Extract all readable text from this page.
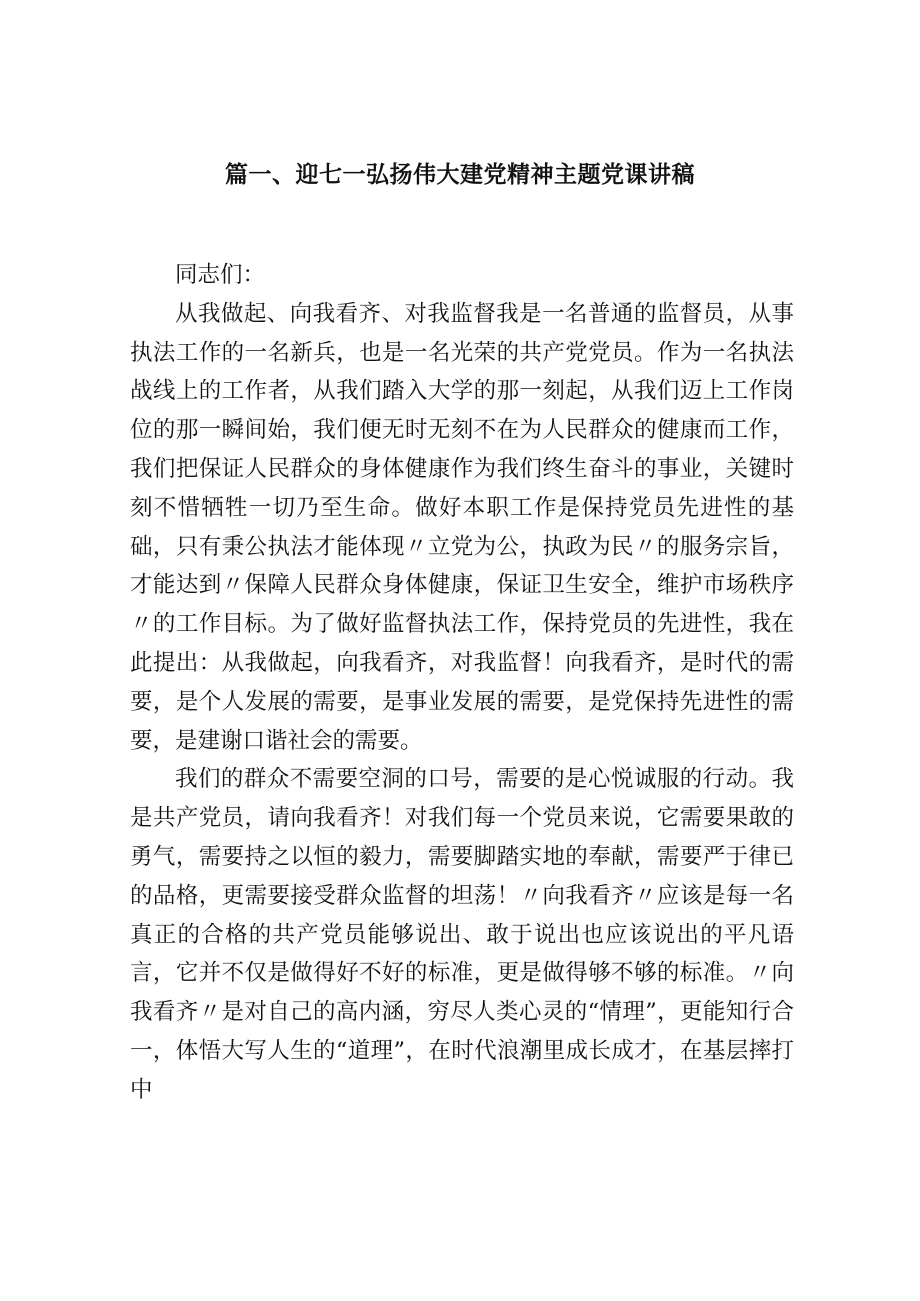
篇一、迎七一弘扬伟大建党精神主题党课讲稿

同志们：

从我做起、向我看齐、对我监督我是一名普通的监督员，从事执法工作的一名新兵，也是一名光荣的共产党党员。作为一名执法战线上的工作者，从我们踏入大学的那一刻起，从我们迈上工作岗位的那一瞬间始，我们便无时无刻不在为人民群众的健康而工作，我们把保证人民群众的身体健康作为我们终生奋斗的事业，关键时刻不惜牺牲一切乃至生命。做好本职工作是保持党员先进性的基础，只有秉公执法才能体现〃立党为公，执政为民〃的服务宗旨，才能达到〃保障人民群众身体健康，保证卫生安全，维护市场秩序〃的工作目标。为了做好监督执法工作，保持党员的先进性，我在此提出：从我做起，向我看齐，对我监督！向我看齐，是时代的需要，是个人发展的需要，是事业发展的需要，是党保持先进性的需要，是建谢口谐社会的需要。

我们的群众不需要空洞的口号，需要的是心悦诚服的行动。我是共产党员，请向我看齐！对我们每一个党员来说，它需要果敢的勇气，需要持之以恒的毅力，需要脚踏实地的奉献，需要严于律已的品格，更需要接受群众监督的坦荡！〃向我看齐〃应该是每一名真正的合格的共产党员能够说出、敢于说出也应该说出的平凡语言，它并不仅是做得好不好的标准，更是做得够不够的标准。〃向我看齐〃是对自己的高内涵，穷尽人类心灵的“情理”，更能知行合一，体悟大写人生的“道理”，在时代浪潮里成长成才，在基层摔打中
